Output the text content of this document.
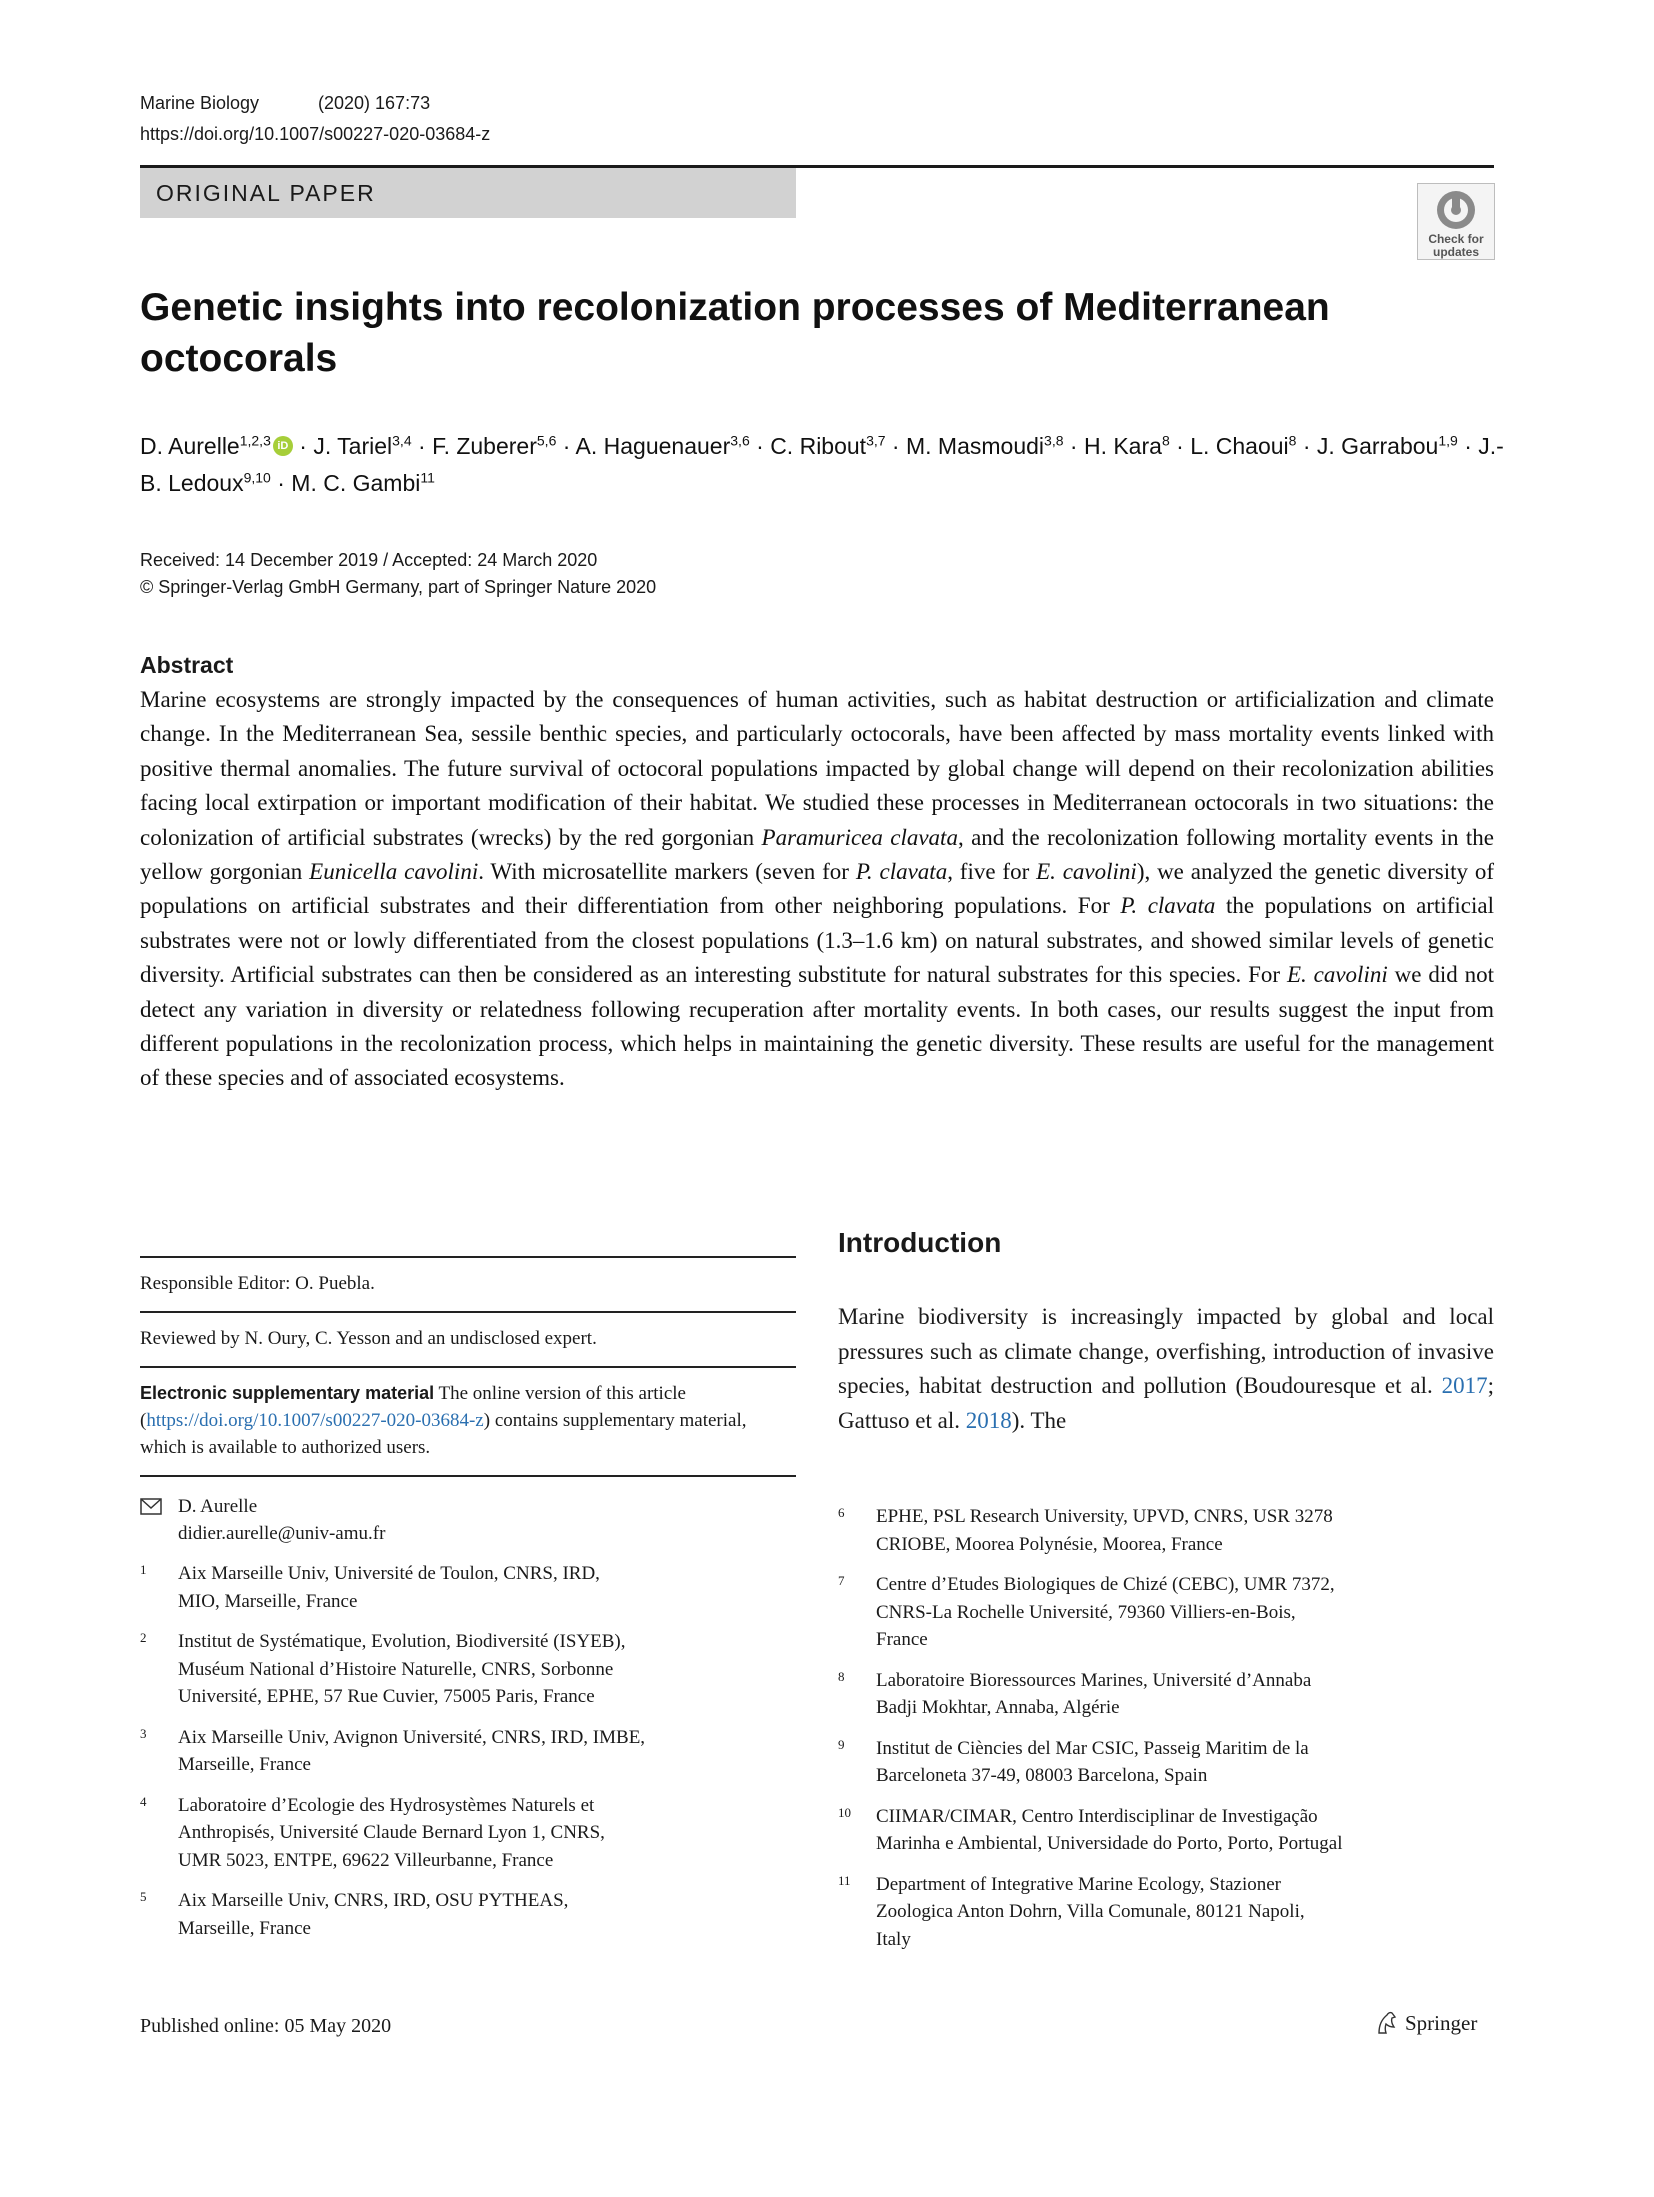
Marine Biology	(2020) 167:73
https://doi.org/10.1007/s00227-020-03684-z
ORIGINAL PAPER
Check for
updates
Genetic insights into recolonization processes of Mediterranean octocorals
D. Aurelle$^{1,2,3}$iD · J. Tariel$^{3,4}$ · F. Zuberer$^{5,6}$ · A. Haguenauer$^{3,6}$ · C. Ribout$^{3,7}$ · M. Masmoudi$^{3,8}$ · H. Kara$^8$ · L. Chaoui$^8$ · J. Garrabou$^{1,9}$ · J.-B. Ledoux$^{9,10}$ · M. C. Gambi$^{11}$
Received: 14 December 2019 / Accepted: 24 March 2020
© Springer-Verlag GmbH Germany, part of Springer Nature 2020
Abstract

Marine ecosystems are strongly impacted by the consequences of human activities, such as habitat destruction or artificialization and climate change. In the Mediterranean Sea, sessile benthic species, and particularly octocorals, have been affected by mass mortality events linked with positive thermal anomalies. The future survival of octocoral populations impacted by global change will depend on their recolonization abilities facing local extirpation or important modification of their habitat. We studied these processes in Mediterranean octocorals in two situations: the colonization of artificial substrates (wrecks) by the red gorgonian Paramuricea clavata, and the recolonization following mortality events in the yellow gorgonian Eunicella cavolini. With microsatellite markers (seven for P. clavata, five for E. cavolini), we analyzed the genetic diversity of populations on artificial substrates and their differentiation from other neighboring populations. For P. clavata the populations on artificial substrates were not or lowly differentiated from the closest populations (1.3–1.6 km) on natural substrates, and showed similar levels of genetic diversity. Artificial substrates can then be considered as an interesting substitute for natural substrates for this species. For E. cavolini we did not detect any variation in diversity or relatedness following recuperation after mortality events. In both cases, our results suggest the input from different populations in the recolonization process, which helps in maintaining the genetic diversity. These results are useful for the management of these species and of associated ecosystems.

Responsible Editor: O. Puebla.
Reviewed by N. Oury, C. Yesson and an undisclosed expert.
Electronic supplementary material The online version of this article (https://doi.org/10.1007/s00227-020-03684-z) contains supplementary material, which is available to authorized users.
D. Aurelle
didier.aurelle@univ-amu.fr
1 Aix Marseille Univ, Université de Toulon, CNRS, IRD,
MIO, Marseille, France
2 Institut de Systématique, Evolution, Biodiversité (ISYEB),
Muséum National d’Histoire Naturelle, CNRS, Sorbonne
Université, EPHE, 57 Rue Cuvier, 75005 Paris, France
3 Aix Marseille Univ, Avignon Université, CNRS, IRD, IMBE,
Marseille, France
4 Laboratoire d’Ecologie des Hydrosystèmes Naturels et
Anthropisés, Université Claude Bernard Lyon 1, CNRS,
UMR 5023, ENTPE, 69622 Villeurbanne, France
5 Aix Marseille Univ, CNRS, IRD, OSU PYTHEAS,
Marseille, France
Introduction

Marine biodiversity is increasingly impacted by global and local pressures such as climate change, overfishing, introduction of invasive species, habitat destruction and pollution (Boudouresque et al. 2017; Gattuso et al. 2018). The

6 EPHE, PSL Research University, UPVD, CNRS, USR 3278
CRIOBE, Moorea Polynésie, Moorea, France
7 Centre d’Etudes Biologiques de Chizé (CEBC), UMR 7372,
CNRS-La Rochelle Université, 79360 Villiers-en-Bois,
France
8 Laboratoire Bioressources Marines, Université d’Annaba
Badji Mokhtar, Annaba, Algérie
9 Institut de Ciències del Mar CSIC, Passeig Maritim de la
Barceloneta 37-49, 08003 Barcelona, Spain
10 CIIMAR/CIMAR, Centro Interdisciplinar de Investigação
Marinha e Ambiental, Universidade do Porto, Porto, Portugal
11 Department of Integrative Marine Ecology, Stazioner
Zoologica Anton Dohrn, Villa Comunale, 80121 Napoli,
Italy
Published online: 05 May 2020	Springer
